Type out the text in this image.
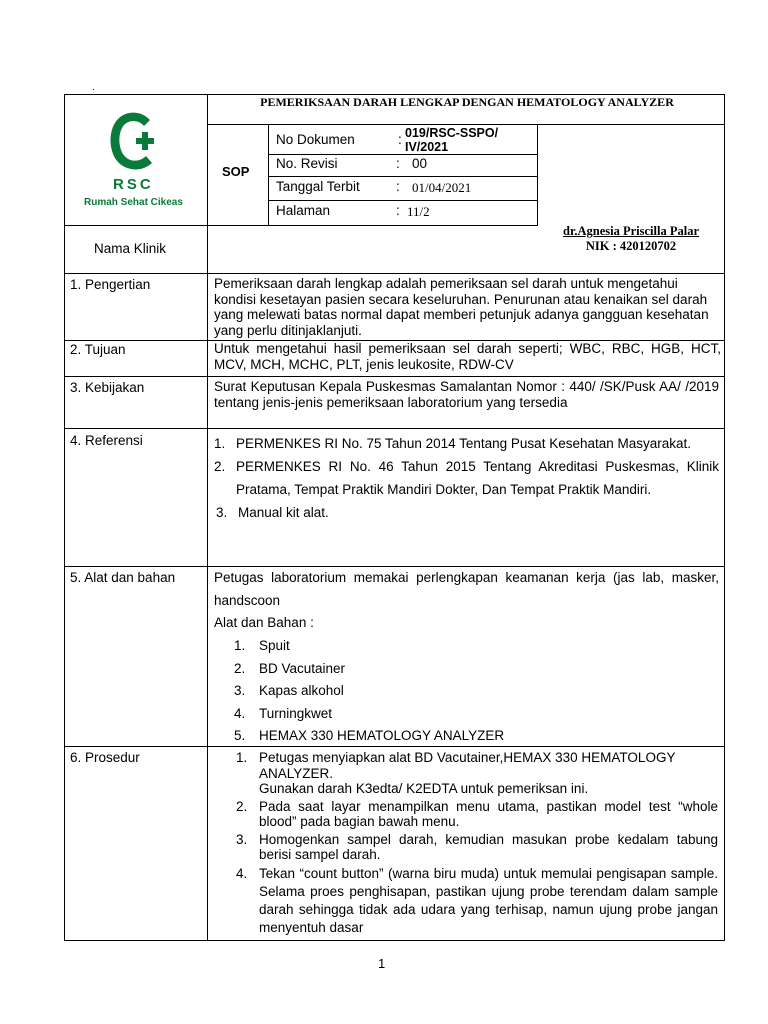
.
RSC
Rumah Sehat Cikeas
PEMERIKSAAN DARAH LENGKAP DENGAN HEMATOLOGY ANALYZER
SOP
No Dokumen	: 019/RSC-SSPO/ IV/2021
No. Revisi	: 00
Tanggal Terbit	: 01/04/2021
Halaman	: 11/2
dr.Agnesia Priscilla Palar
NIK : 420120702
Nama Klinik
1. Pengertian	Pemeriksaan darah lengkap adalah pemeriksaan sel darah untuk mengetahui kondisi kesetayan pasien secara keseluruhan. Penurunan atau kenaikan sel darah yang melewati batas normal dapat memberi petunjuk adanya gangguan kesehatan yang perlu ditinjaklanjuti.
2. Tujuan	Untuk mengetahui hasil pemeriksaan sel darah seperti; WBC, RBC, HGB, HCT, MCV, MCH, MCHC, PLT, jenis leukosite, RDW-CV
3. Kebijakan	Surat Keputusan Kepala Puskesmas Samalantan Nomor : 440/ /SK/Pusk AA/ /2019 tentang jenis-jenis pemeriksaan laboratorium yang tersedia
4. Referensi	1. PERMENKES RI No. 75 Tahun 2014 Tentang Pusat Kesehatan Masyarakat.
2. PERMENKES RI No. 46 Tahun 2015 Tentang Akreditasi Puskesmas, Klinik Pratama, Tempat Praktik Mandiri Dokter, Dan Tempat Praktik Mandiri.
3. Manual kit alat.
5. Alat dan bahan	Petugas laboratorium memakai perlengkapan keamanan kerja (jas lab, masker, handscoon
Alat dan Bahan :
1. Spuit
2. BD Vacutainer
3. Kapas alkohol
4. Turningkwet
5. HEMAX 330 HEMATOLOGY ANALYZER
6. Prosedur	1. Petugas menyiapkan alat BD Vacutainer,HEMAX 330 HEMATOLOGY ANALYZER.
Gunakan darah K3edta/ K2EDTA untuk pemeriksan ini.
2. Pada saat layar menampilkan menu utama, pastikan model test “whole blood” pada bagian bawah menu.
3. Homogenkan sampel darah, kemudian masukan probe kedalam tabung berisi sampel darah.
4. Tekan “count button” (warna biru muda) untuk memulai pengisapan sample. Selama proes penghisapan, pastikan ujung probe terendam dalam sample darah sehingga tidak ada udara yang terhisap, namun ujung probe jangan menyentuh dasar
1
